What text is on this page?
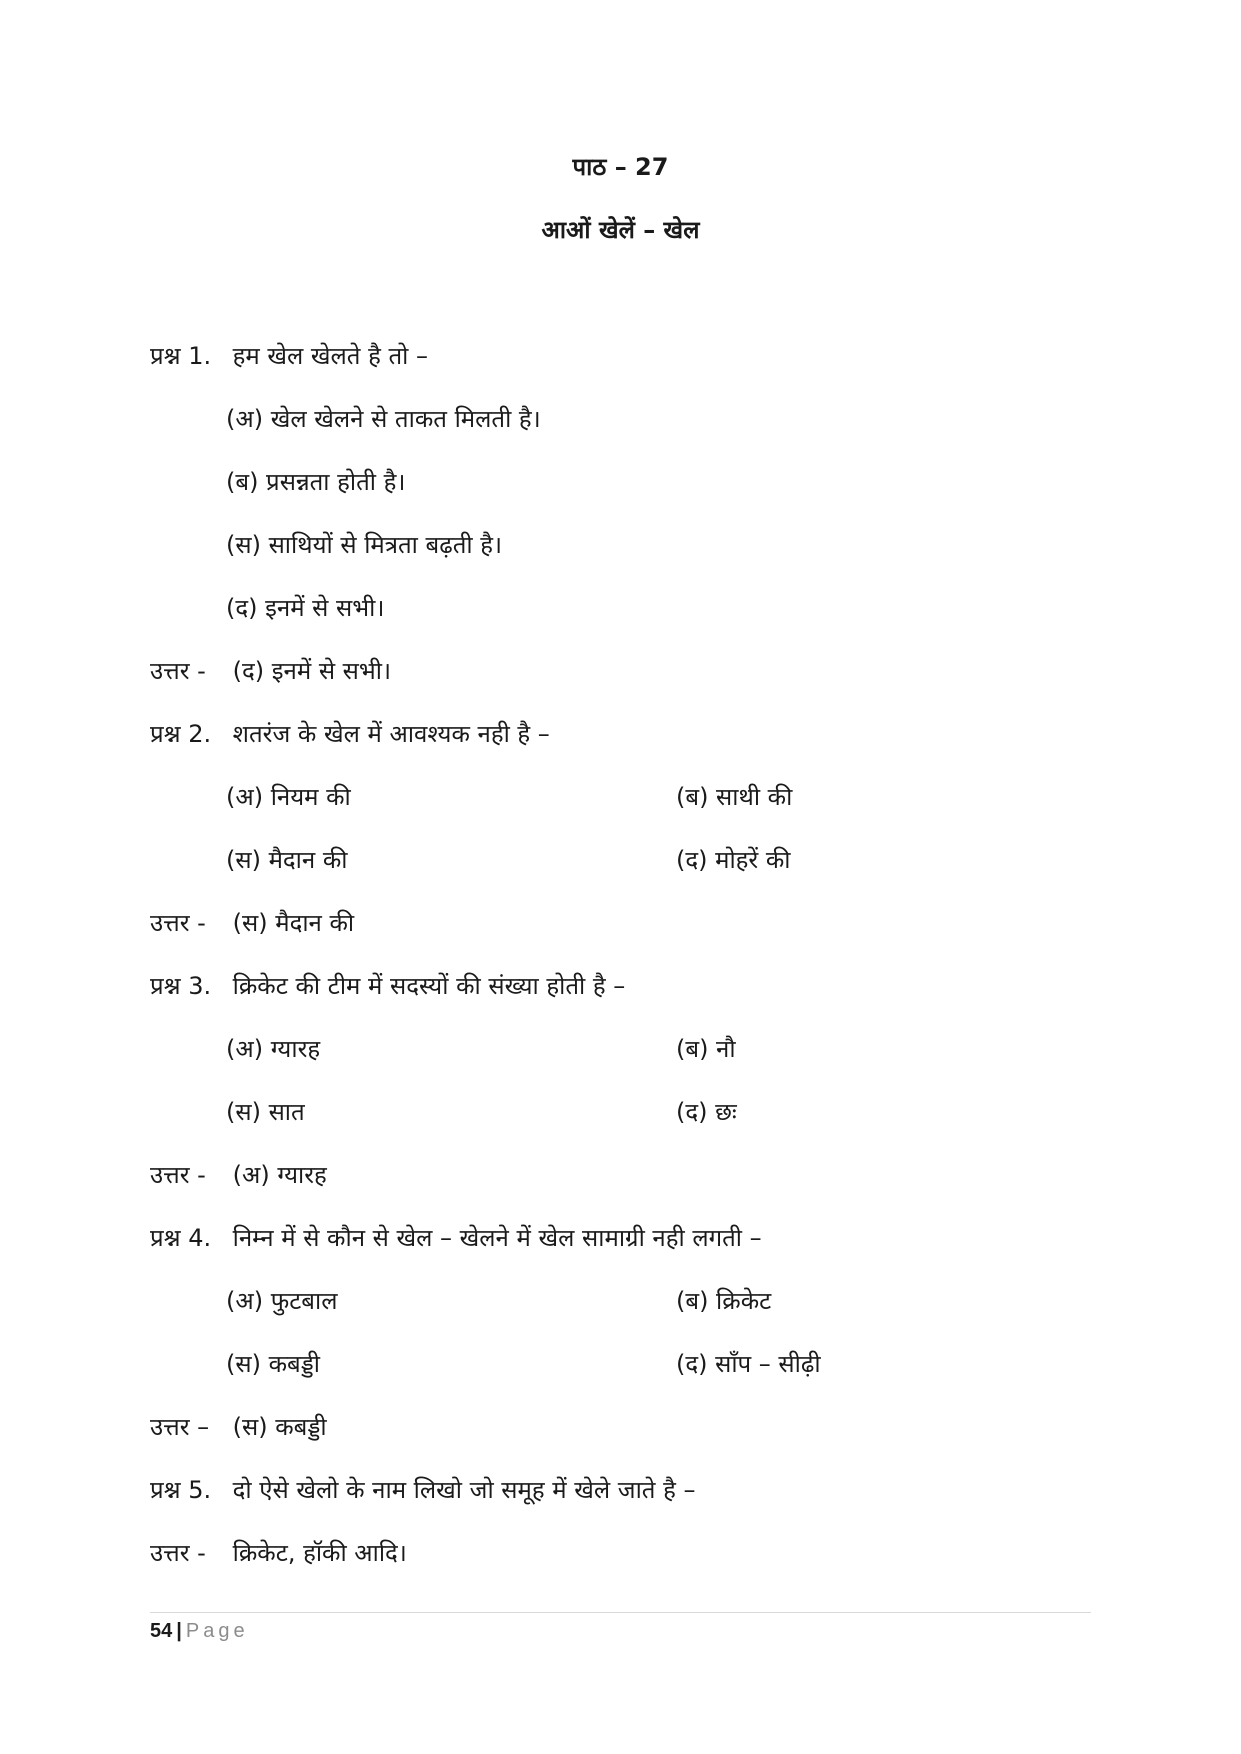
पाठ – 27
आओं खेलें – खेल
प्रश्न 1. हम खेल खेलते है तो –
(अ) खेल खेलने से ताकत मिलती है।
(ब) प्रसन्नता होती है।
(स) साथियों से मित्रता बढ़ती है।
(द) इनमें से सभी।
उत्तर - (द) इनमें से सभी।
प्रश्न 2. शतरंज के खेल में आवश्यक नही है –
(अ) नियम की	(ब) साथी की
(स) मैदान की	(द) मोहरें की
उत्तर - (स) मैदान की
प्रश्न 3. क्रिकेट की टीम में सदस्यों की संख्या होती है –
(अ) ग्यारह	(ब) नौ
(स) सात	(द) छः
उत्तर - (अ) ग्यारह
प्रश्न 4. निम्न में से कौन से खेल – खेलने में खेल सामाग्री नही लगती –
(अ) फुटबाल	(ब) क्रिकेट
(स) कबड्डी	(द) साँप – सीढ़ी
उत्तर – (स) कबड्डी
प्रश्न 5. दो ऐसे खेलो के नाम लिखो जो समूह में खेले जाते है –
उत्तर - क्रिकेट, हॉकी आदि।
54 | Page
